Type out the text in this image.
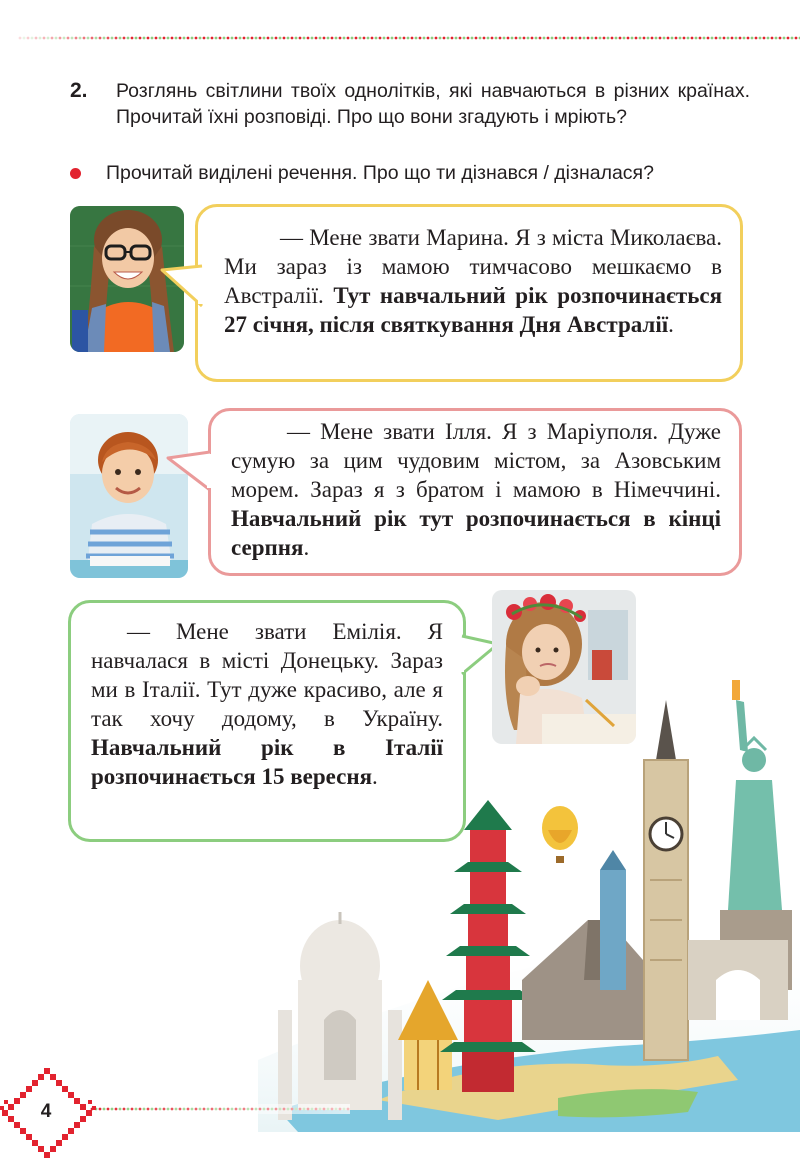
2.	Розглянь світлини твоїх однолітків, які навчаються в різних країнах. Прочитай їхні розповіді. Про що вони згадують і мріють?
Прочитай виділені речення. Про що ти дізнався / дізналася?

— Мене звати Марина. Я з міста Миколаєва. Ми зараз із мамою тимчасово мешкаємо в Австралії. Тут навчальний рік розпочинається 27 січня, після святкування Дня Австралії.

— Мене звати Ілля. Я з Маріуполя. Дуже сумую за цим чудовим містом, за Азовським морем. Зараз я з братом і мамою в Німеччині. Навчальний рік тут розпочинається в кінці серпня.

— Мене звати Емілія. Я навчалася в місті Донецьку. Зараз ми в Італії. Тут дуже красиво, але я так хочу додому, в Україну. Навчальний рік в Італії розпочинається 15 вересня.

4
